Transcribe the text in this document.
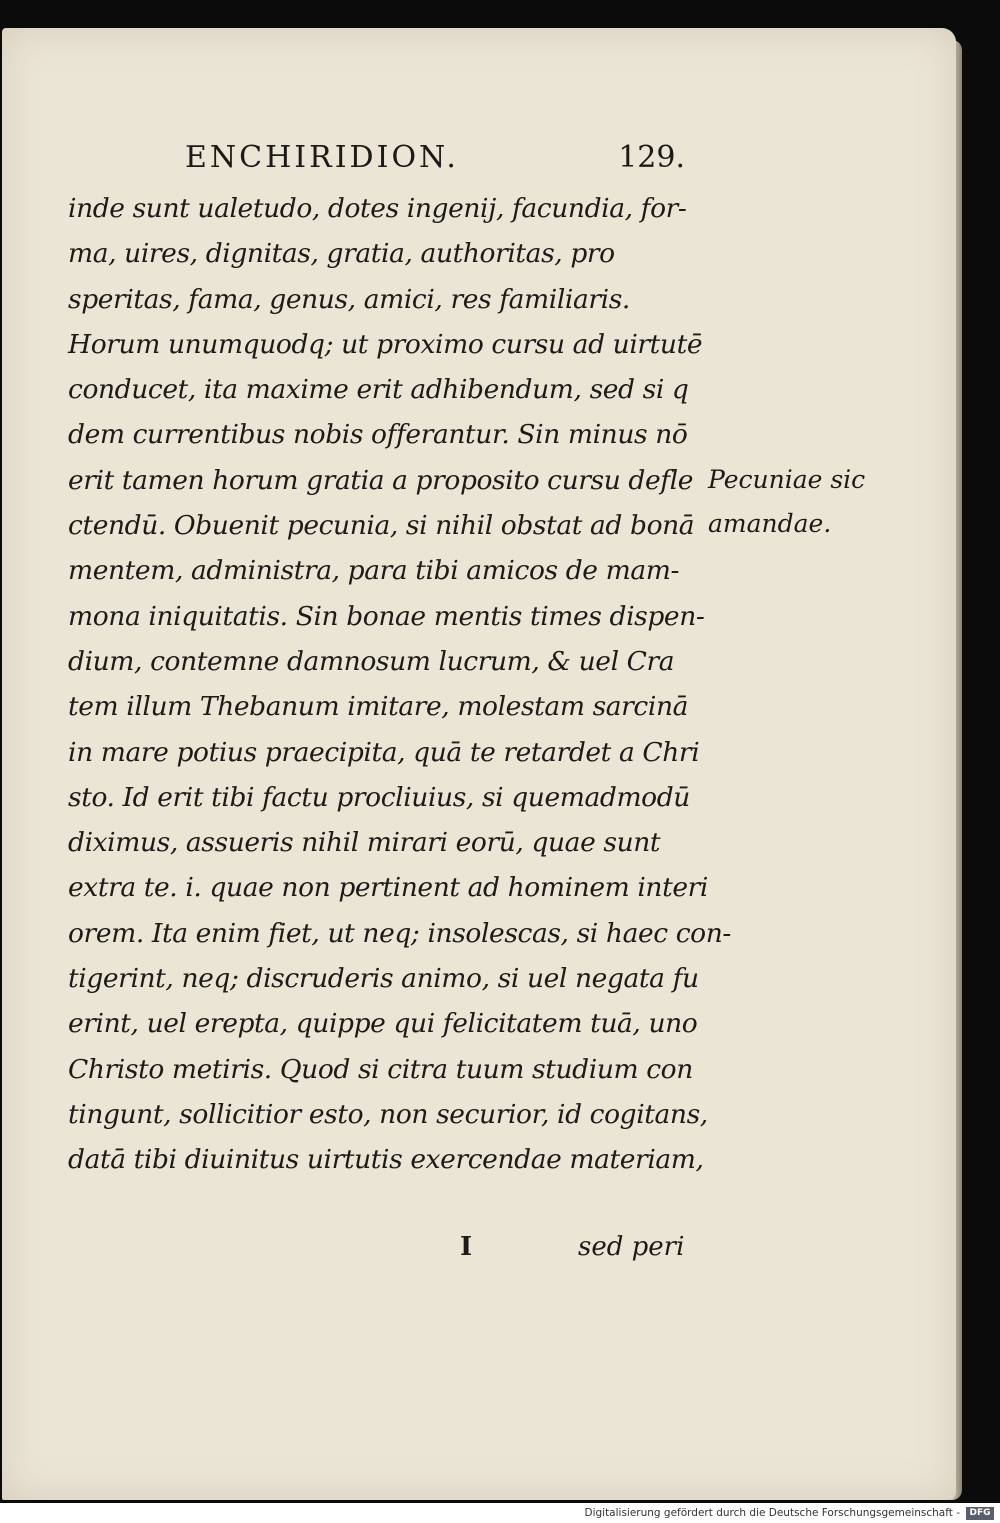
ENCHIRIDION.	129.
inde sunt ualetudo, dotes ingenij, facundia, for-
ma, uires, dignitas, gratia, authoritas, pro
speritas, fama, genus, amici, res familiaris.
Horum unumquodq; ut proximo cursu ad uirtutē
conducet, ita maxime erit adhibendum, sed si q
dem currentibus nobis offerantur. Sin minus nō
erit tamen horum gratia a proposito cursu defle
ctendū. Obuenit pecunia, si nihil obstat ad bonā
mentem, administra, para tibi amicos de mam-
mona iniquitatis. Sin bonae mentis times dispen-
dium, contemne damnosum lucrum, & uel Cra
tem illum Thebanum imitare, molestam sarcinā
in mare potius praecipita, quā te retardet a Chri
sto. Id erit tibi factu procliuius, si quemadmodū
diximus, assueris nihil mirari eorū, quae sunt
extra te. i. quae non pertinent ad hominem interi
orem. Ita enim fiet, ut neq; insolescas, si haec con-
tigerint, neq; discruderis animo, si uel negata fu
erint, uel erepta, quippe qui felicitatem tuā, uno
Christo metiris. Quod si citra tuum studium con
tingunt, sollicitior esto, non securior, id cogitans,
datā tibi diuinitus uirtutis exercendae materiam,
Pecuniae sic
amandae.
I	sed peri
Digitalisierung gefördert durch die Deutsche Forschungsgemeinschaft -	DFG
